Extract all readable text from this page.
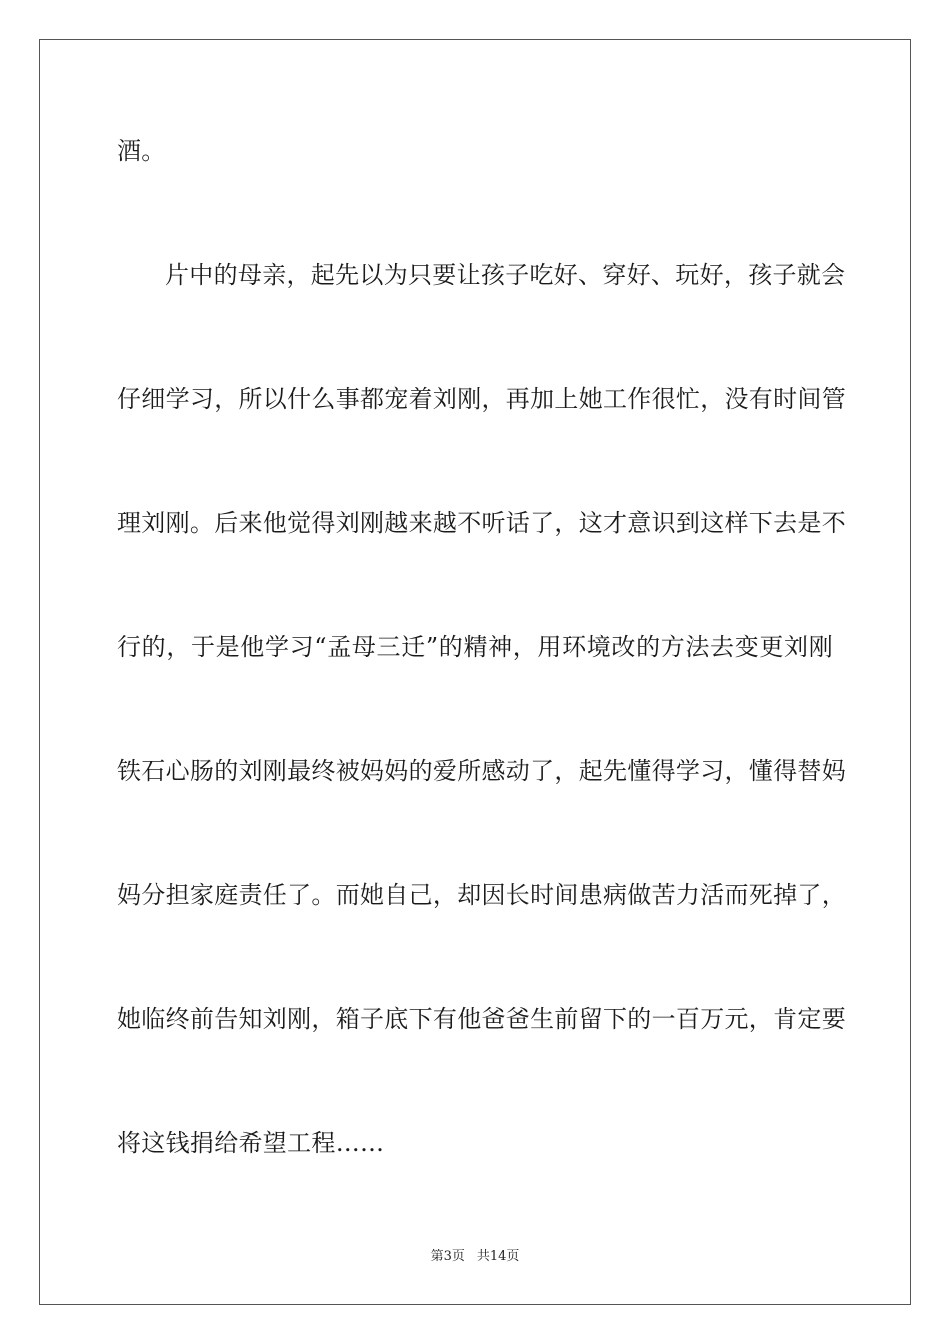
酒。
片中的母亲，起先以为只要让孩子吃好、穿好、玩好，孩子就会
仔细学习，所以什么事都宠着刘刚，再加上她工作很忙，没有时间管
理刘刚。后来他觉得刘刚越来越不听话了，这才意识到这样下去是不
行的，于是他学习“孟母三迁”的精神，用环境改的方法去变更刘刚
铁石心肠的刘刚最终被妈妈的爱所感动了，起先懂得学习，懂得替妈
妈分担家庭责任了。而她自己，却因长时间患病做苦力活而死掉了，
她临终前告知刘刚，箱子底下有他爸爸生前留下的一百万元，肯定要
将这钱捐给希望工程……
第3页 共14页
